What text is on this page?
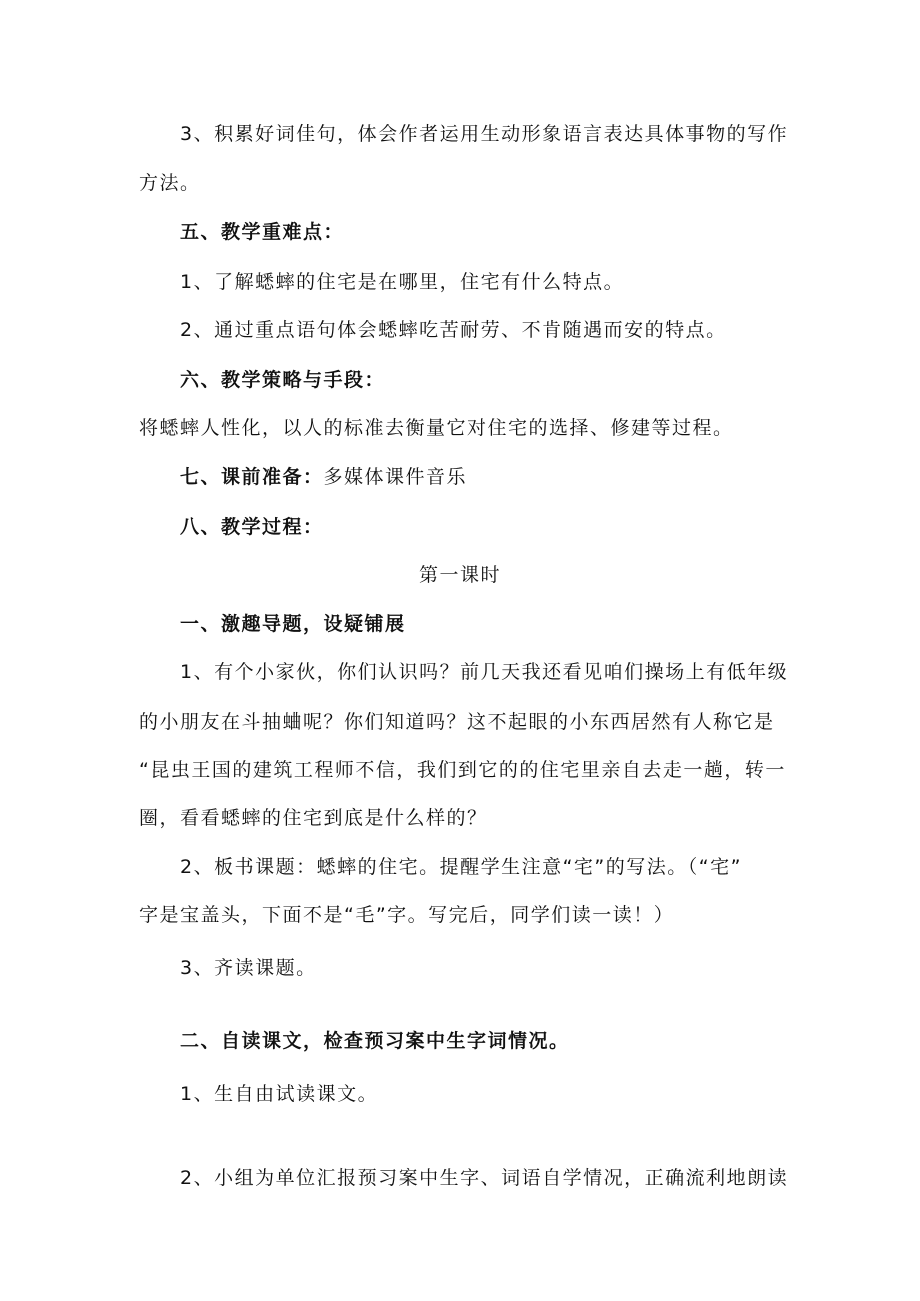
3、积累好词佳句，体会作者运用生动形象语言表达具体事物的写作
方法。
五、教学重难点：
1、了解蟋蟀的住宅是在哪里，住宅有什么特点。
2、通过重点语句体会蟋蟀吃苦耐劳、不肯随遇而安的特点。
六、教学策略与手段：
将蟋蟀人性化，以人的标准去衡量它对住宅的选择、修建等过程。
七、课前准备：多媒体课件音乐
八、教学过程：
第一课时
一、激趣导题，设疑铺展
1、有个小家伙，你们认识吗？前几天我还看见咱们操场上有低年级
的小朋友在斗抽蛐呢？你们知道吗？这不起眼的小东西居然有人称它是
“昆虫王国的建筑工程师不信，我们到它的的住宅里亲自去走一趟，转一
圈，看看蟋蟀的住宅到底是什么样的？
2、板书课题：蟋蟀的住宅。提醒学生注意“宅”的写法。（“宅”
字是宝盖头，下面不是“毛”字。写完后，同学们读一读！）
3、齐读课题。
二、自读课文，检查预习案中生字词情况。
1、生自由试读课文。
2、小组为单位汇报预习案中生字、词语自学情况，正确流利地朗读
